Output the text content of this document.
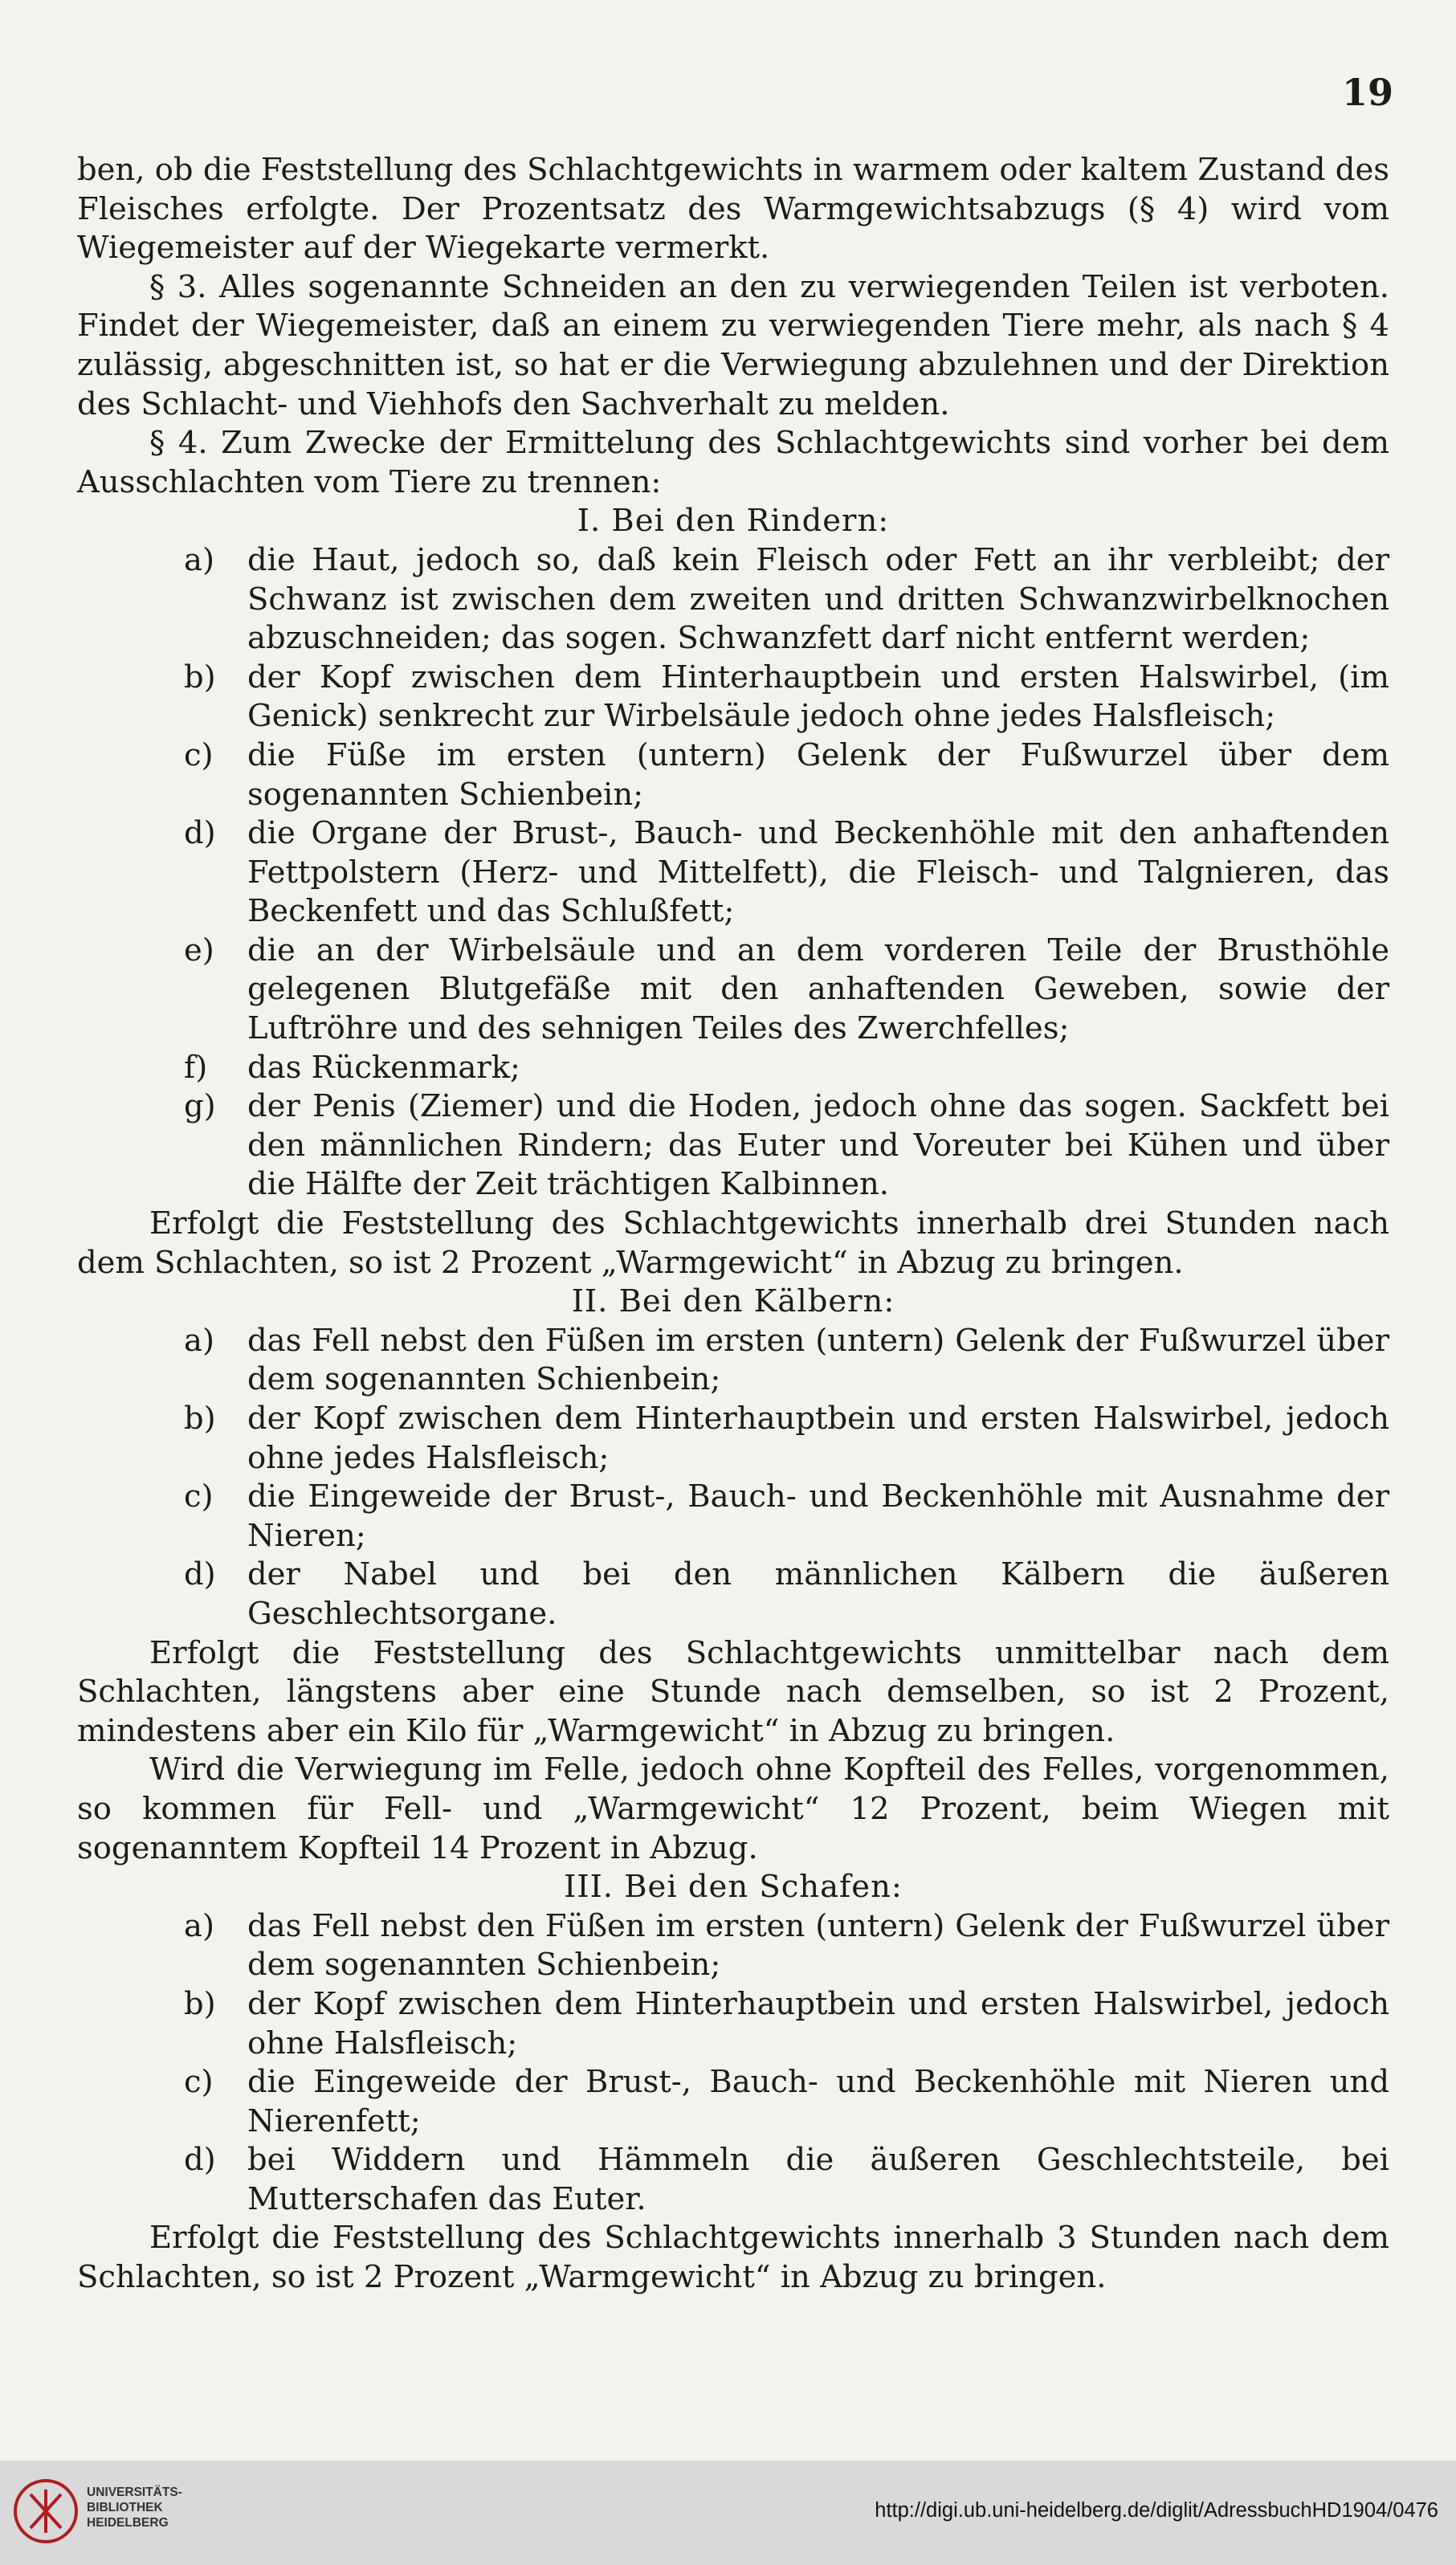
19

ben, ob die Feststellung des Schlachtgewichts in warmem oder kaltem Zustand des Fleisches erfolgte. Der Prozentsatz des Warmgewichtsabzugs (§ 4) wird vom Wiegemeister auf der Wiegekarte vermerkt.

§ 3. Alles sogenannte Schneiden an den zu verwiegenden Teilen ist verboten. Findet der Wiegemeister, daß an einem zu verwiegenden Tiere mehr, als nach § 4 zulässig, abgeschnitten ist, so hat er die Verwiegung abzulehnen und der Direktion des Schlacht- und Viehhofs den Sachverhalt zu melden.

§ 4. Zum Zwecke der Ermittelung des Schlachtgewichts sind vorher bei dem Ausschlachten vom Tiere zu trennen:

I. Bei den Rindern:

a) die Haut, jedoch so, daß kein Fleisch oder Fett an ihr verbleibt; der Schwanz ist zwischen dem zweiten und dritten Schwanzwirbelknochen abzuschneiden; das sogen. Schwanzfett darf nicht entfernt werden;
b) der Kopf zwischen dem Hinterhauptbein und ersten Halswirbel, (im Genick) senkrecht zur Wirbelsäule jedoch ohne jedes Halsfleisch;
c) die Füße im ersten (untern) Gelenk der Fußwurzel über dem sogenannten Schienbein;
d) die Organe der Brust-, Bauch- und Beckenhöhle mit den anhaftenden Fettpolstern (Herz- und Mittelfett), die Fleisch- und Talgnieren, das Beckenfett und das Schlußfett;
e) die an der Wirbelsäule und an dem vorderen Teile der Brusthöhle gelegenen Blutgefäße mit den anhaftenden Geweben, sowie der Luftröhre und des sehnigen Teiles des Zwerchfelles;
f) das Rückenmark;
g) der Penis (Ziemer) und die Hoden, jedoch ohne das sogen. Sackfett bei den männlichen Rindern; das Euter und Voreuter bei Kühen und über die Hälfte der Zeit trächtigen Kalbinnen.

Erfolgt die Feststellung des Schlachtgewichts innerhalb drei Stunden nach dem Schlachten, so ist 2 Prozent „Warmgewicht“ in Abzug zu bringen.

II. Bei den Kälbern:

a) das Fell nebst den Füßen im ersten (untern) Gelenk der Fußwurzel über dem sogenannten Schienbein;
b) der Kopf zwischen dem Hinterhauptbein und ersten Halswirbel, jedoch ohne jedes Halsfleisch;
c) die Eingeweide der Brust-, Bauch- und Beckenhöhle mit Ausnahme der Nieren;
d) der Nabel und bei den männlichen Kälbern die äußeren Geschlechtsorgane.

Erfolgt die Feststellung des Schlachtgewichts unmittelbar nach dem Schlachten, längstens aber eine Stunde nach demselben, so ist 2 Prozent, mindestens aber ein Kilo für „Warmgewicht“ in Abzug zu bringen.

Wird die Verwiegung im Felle, jedoch ohne Kopfteil des Felles, vorgenommen, so kommen für Fell- und „Warmgewicht“ 12 Prozent, beim Wiegen mit sogenanntem Kopfteil 14 Prozent in Abzug.

III. Bei den Schafen:

a) das Fell nebst den Füßen im ersten (untern) Gelenk der Fußwurzel über dem sogenannten Schienbein;
b) der Kopf zwischen dem Hinterhauptbein und ersten Halswirbel, jedoch ohne Halsfleisch;
c) die Eingeweide der Brust-, Bauch- und Beckenhöhle mit Nieren und Nierenfett;
d) bei Widdern und Hämmeln die äußeren Geschlechtsteile, bei Mutterschafen das Euter.

Erfolgt die Feststellung des Schlachtgewichts innerhalb 3 Stunden nach dem Schlachten, so ist 2 Prozent „Warmgewicht“ in Abzug zu bringen.

UNIVERSITÄTS-
BIBLIOTHEK
HEIDELBERG
http://digi.ub.uni-heidelberg.de/diglit/AdressbuchHD1904/0476
